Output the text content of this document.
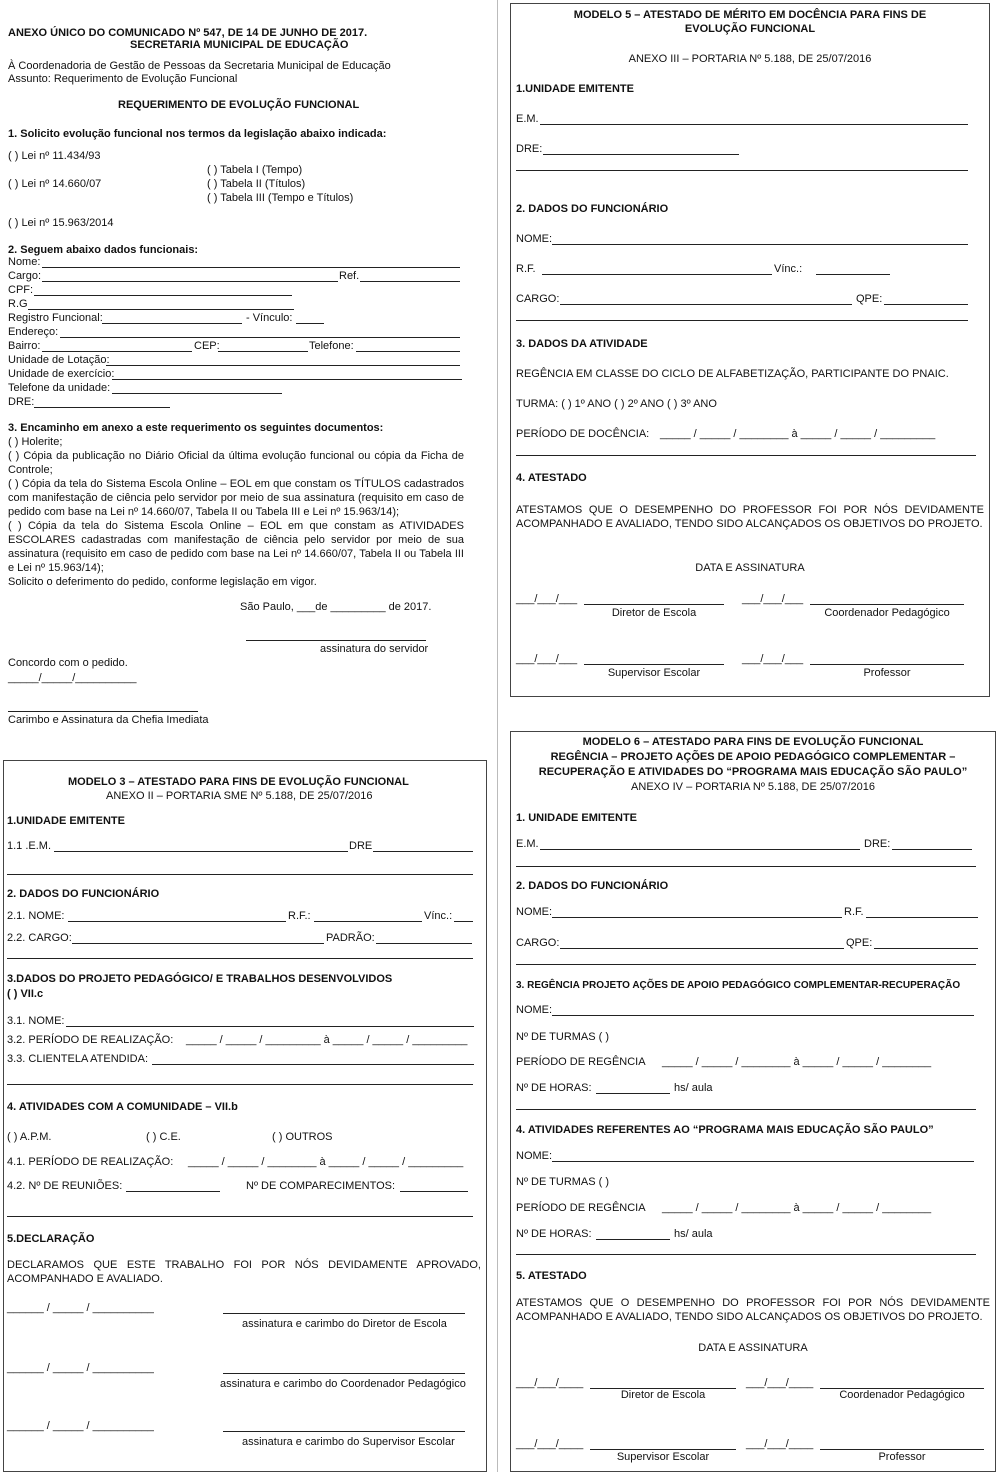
ANEXO ÚNICO DO COMUNICADO Nº 547, DE 14 DE JUNHO DE 2017.
SECRETARIA MUNICIPAL DE EDUCAÇÃO
À Coordenadoria de Gestão de Pessoas da Secretaria Municipal de Educação
Assunto: Requerimento de Evolução Funcional
REQUERIMENTO DE EVOLUÇÃO FUNCIONAL
1. Solicito evolução funcional nos termos da legislação abaixo indicada:
( ) Lei nº 11.434/93
( ) Tabela I (Tempo)
( ) Lei nº 14.660/07	( ) Tabela II (Títulos)
( ) Tabela III (Tempo e Títulos)
( ) Lei nº 15.963/2014
2. Seguem abaixo dados funcionais:
Nome:
Cargo:	Ref.
CPF:
R.G
Registro Funcional:	- Vínculo:
Endereço:
Bairro:	CEP:	Telefone:
Unidade de Lotação:
Unidade de exercício:
Telefone da unidade:
DRE:
3. Encaminho em anexo a este requerimento os seguintes documentos:
( ) Holerite;
( ) Cópia da publicação no Diário Oficial da última evolução funcional ou cópia da Ficha de Controle;
( ) Cópia da tela do Sistema Escola Online – EOL em que constam os TÍTULOS cadastrados com manifestação de ciência pelo servidor por meio de sua assinatura (requisito em caso de pedido com base na Lei nº 14.660/07, Tabela II ou Tabela III e Lei nº 15.963/14);
( ) Cópia da tela do Sistema Escola Online – EOL em que constam as ATIVIDADES ESCOLARES cadastradas com manifestação de ciência pelo servidor por meio de sua assinatura (requisito em caso de pedido com base na Lei nº 14.660/07, Tabela II ou Tabela III e Lei nº 15.963/14);
Solicito o deferimento do pedido, conforme legislação em vigor.
São Paulo, ___de _________ de 2017.
assinatura do servidor
Concordo com o pedido.
_____/_____/__________
Carimbo e Assinatura da Chefia Imediata
MODELO 3 – ATESTADO PARA FINS DE EVOLUÇÃO FUNCIONAL
ANEXO II – PORTARIA SME Nº 5.188, DE 25/07/2016
1.UNIDADE EMITENTE
1.1 .E.M.	DRE
2. DADOS DO FUNCIONÁRIO
2.1. NOME:	R.F.:	Vínc.:
2.2. CARGO:	PADRÃO:
3.DADOS DO PROJETO PEDAGÓGICO/ E TRABALHOS DESENVOLVIDOS
( ) VII.c
3.1. NOME:
3.2. PERÍODO DE REALIZAÇÃO: _____ / _____ / _________ à _____ / _____ / _________
3.3. CLIENTELA ATENDIDA:
4. ATIVIDADES COM A COMUNIDADE – VII.b
( ) A.P.M.	( ) C.E.	( ) OUTROS
4.1. PERÍODO DE REALIZAÇÃO: _____ / _____ / ________ à _____ / _____ / _________
4.2. Nº DE REUNIÕES:	Nº DE COMPARECIMENTOS:
5.DECLARAÇÃO
DECLARAMOS QUE ESTE TRABALHO FOI POR NÓS DEVIDAMENTE APROVADO, ACOMPANHADO E AVALIADO.
______ / _____ / __________
assinatura e carimbo do Diretor de Escola
______ / _____ / __________
assinatura e carimbo do Coordenador Pedagógico
______ / _____ / __________
assinatura e carimbo do Supervisor Escolar
MODELO 5 – ATESTADO DE MÉRITO EM DOCÊNCIA PARA FINS DE
EVOLUÇÃO FUNCIONAL
ANEXO III – PORTARIA Nº 5.188, DE 25/07/2016
1.UNIDADE EMITENTE
E.M.
DRE:
2. DADOS DO FUNCIONÁRIO
NOME:
R.F.	Vínc.:
CARGO:	QPE:
3. DADOS DA ATIVIDADE
REGÊNCIA EM CLASSE DO CICLO DE ALFABETIZAÇÃO, PARTICIPANTE DO PNAIC.
TURMA: ( ) 1º ANO ( ) 2º ANO ( ) 3º ANO
PERÍODO DE DOCÊNCIA: _____ / _____ / ________ à _____ / _____ / _________
4. ATESTADO
ATESTAMOS QUE O DESEMPENHO DO PROFESSOR FOI POR NÓS DEVIDAMENTE ACOMPANHADO E AVALIADO, TENDO SIDO ALCANÇADOS OS OBJETIVOS DO PROJETO.
DATA E ASSINATURA
___/___/___
Diretor de Escola
___/___/___
Coordenador Pedagógico
___/___/___
Supervisor Escolar
___/___/___
Professor
MODELO 6 – ATESTADO PARA FINS DE EVOLUÇÃO FUNCIONAL
REGÊNCIA – PROJETO AÇÕES DE APOIO PEDAGÓGICO COMPLEMENTAR –
RECUPERAÇÃO E ATIVIDADES DO “PROGRAMA MAIS EDUCAÇÃO SÃO PAULO”
ANEXO IV – PORTARIA Nº 5.188, DE 25/07/2016
1. UNIDADE EMITENTE
E.M.	DRE:
2. DADOS DO FUNCIONÁRIO
NOME:	R.F.
CARGO:	QPE:
3. REGÊNCIA PROJETO AÇÕES DE APOIO PEDAGÓGICO COMPLEMENTAR-RECUPERAÇÃO
NOME:
Nº DE TURMAS ( )
PERÍODO DE REGÊNCIA _____ / _____ / ________ à _____ / _____ / ________
Nº DE HORAS:	hs/ aula
4. ATIVIDADES REFERENTES AO “PROGRAMA MAIS EDUCAÇÃO SÃO PAULO”
NOME:
Nº DE TURMAS ( )
PERÍODO DE REGÊNCIA _____ / _____ / ________ à _____ / _____ / ________
Nº DE HORAS:	hs/ aula
5. ATESTADO
ATESTAMOS QUE O DESEMPENHO DO PROFESSOR FOI POR NÓS DEVIDAMENTE ACOMPANHADO E AVALIADO, TENDO SIDO ALCANÇADOS OS OBJETIVOS DO PROJETO.
DATA E ASSINATURA
___/___/____
Diretor de Escola
___/___/____
Coordenador Pedagógico
___/___/____
Supervisor Escolar
___/___/____
Professor
